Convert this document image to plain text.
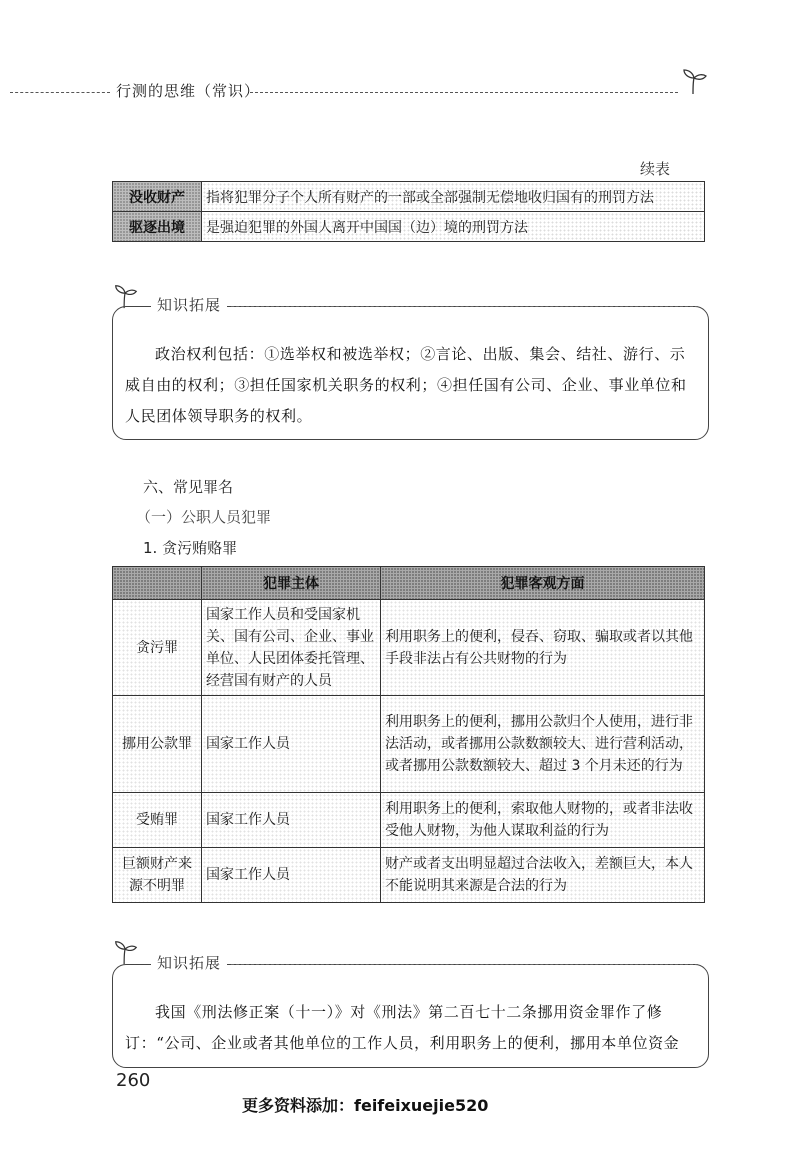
行测的思维（常识）
续表
没收财产	指将犯罪分子个人所有财产的一部或全部强制无偿地收归国有的刑罚方法
驱逐出境	是强迫犯罪的外国人离开中国国（边）境的刑罚方法
知识拓展
政治权利包括：①选举权和被选举权；②言论、出版、集会、结社、游行、示威自由的权利；③担任国家机关职务的权利；④担任国有公司、企业、事业单位和人民团体领导职务的权利。
六、常见罪名
（一）公职人员犯罪
1. 贪污贿赂罪
	犯罪主体	犯罪客观方面
贪污罪	国家工作人员和受国家机关、国有公司、企业、事业单位、人民团体委托管理、经营国有财产的人员	利用职务上的便利，侵吞、窃取、骗取或者以其他手段非法占有公共财物的行为
挪用公款罪	国家工作人员	利用职务上的便利，挪用公款归个人使用，进行非法活动，或者挪用公款数额较大、进行营利活动，或者挪用公款数额较大、超过 3 个月未还的行为
受贿罪	国家工作人员	利用职务上的便利，索取他人财物的，或者非法收受他人财物，为他人谋取利益的行为
巨额财产来源不明罪	国家工作人员	财产或者支出明显超过合法收入，差额巨大，本人不能说明其来源是合法的行为
知识拓展
我国《刑法修正案（十一）》对《刑法》第二百七十二条挪用资金罪作了修订：“公司、企业或者其他单位的工作人员，利用职务上的便利，挪用本单位资金
260
更多资料添加：feifeixuejie520
